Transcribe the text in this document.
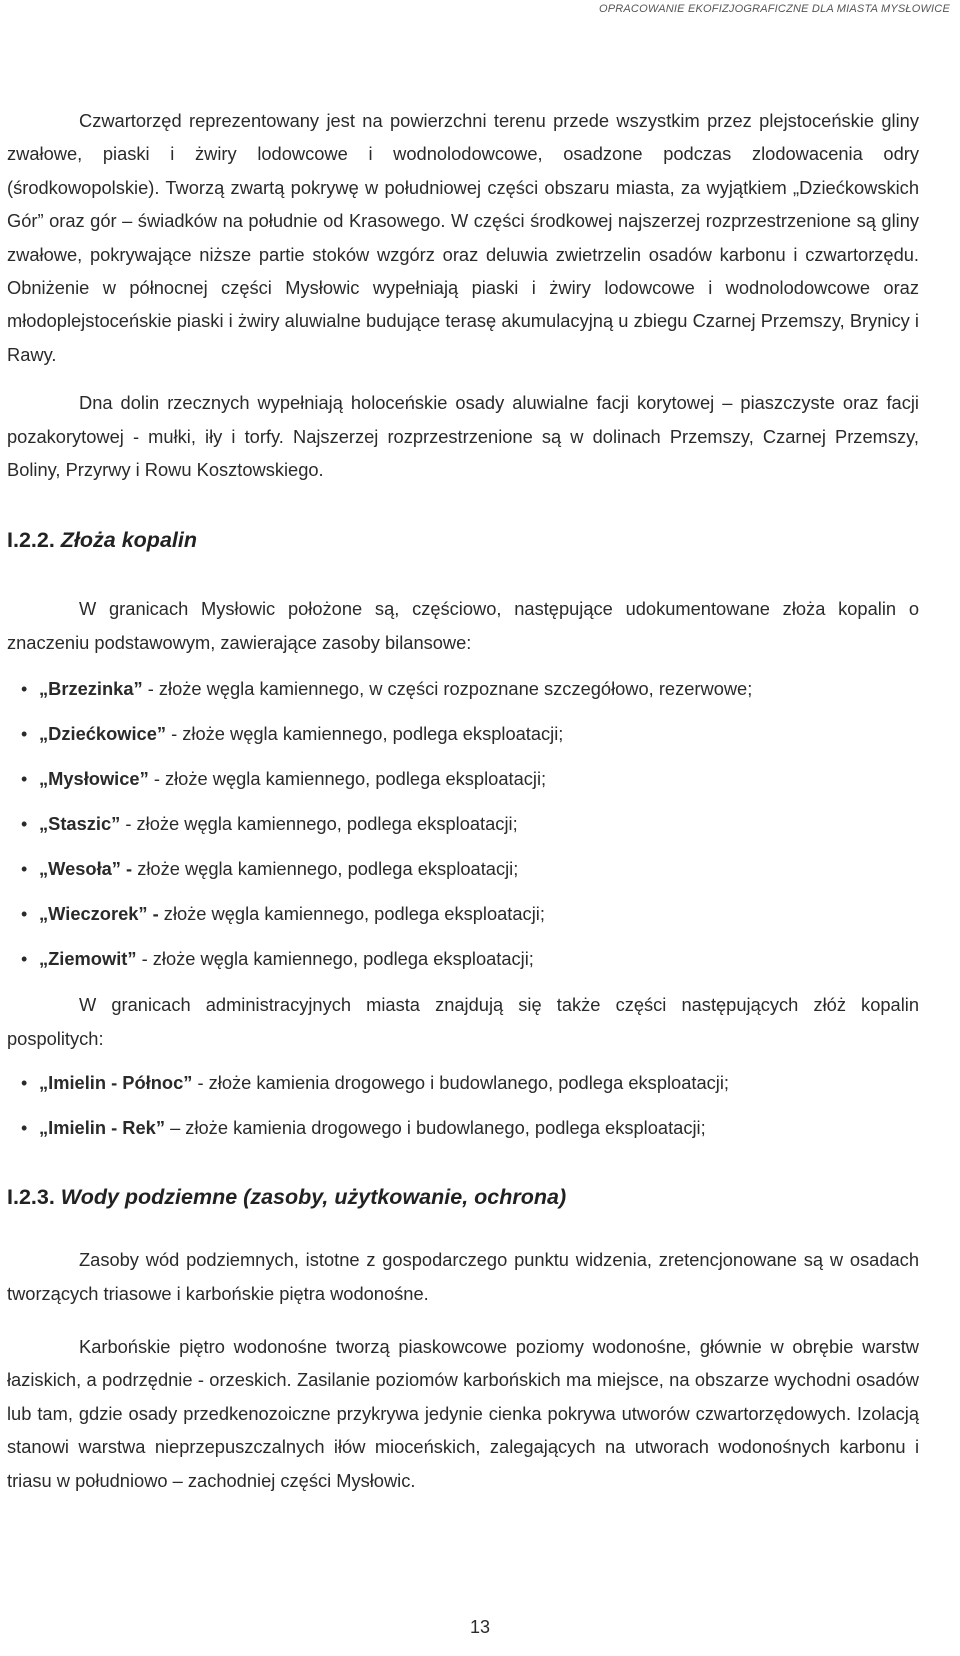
OPRACOWANIE EKOFIZJOGRAFICZNE DLA MIASTA MYSŁOWICE

Czwartorzęd reprezentowany jest na powierzchni terenu przede wszystkim przez plejstoceńskie gliny zwałowe, piaski i żwiry lodowcowe i wodnolodowcowe, osadzone podczas zlodowacenia odry (środkowopolskie). Tworzą zwartą pokrywę w południowej części obszaru miasta, za wyjątkiem „Dziećkowskich Gór” oraz gór – świadków na południe od Krasowego. W części środkowej najszerzej rozprzestrzenione są gliny zwałowe, pokrywające niższe partie stoków wzgórz oraz deluwia zwietrzelin osadów karbonu i czwartorzędu. Obniżenie w północnej części Mysłowic wypełniają piaski i żwiry lodowcowe i wodnolodowcowe oraz młodoplejstoceńskie piaski i żwiry aluwialne budujące terasę akumulacyjną u zbiegu Czarnej Przemszy, Brynicy i Rawy.

Dna dolin rzecznych wypełniają holoceńskie osady aluwialne facji korytowej – piaszczyste oraz facji pozakorytowej - mułki, iły i torfy. Najszerzej rozprzestrzenione są w dolinach Przemszy, Czarnej Przemszy, Boliny, Przyrwy i Rowu Kosztowskiego.

I.2.2. Złoża kopalin

W granicach Mysłowic położone są, częściowo, następujące udokumentowane złoża kopalin o znaczeniu podstawowym, zawierające zasoby bilansowe:

• „Brzezinka” - złoże węgla kamiennego, w części rozpoznane szczegółowo, rezerwowe;
• „Dziećkowice” - złoże węgla kamiennego, podlega eksploatacji;
• „Mysłowice” - złoże węgla kamiennego, podlega eksploatacji;
• „Staszic” - złoże węgla kamiennego, podlega eksploatacji;
• „Wesoła” - złoże węgla kamiennego, podlega eksploatacji;
• „Wieczorek” - złoże węgla kamiennego, podlega eksploatacji;
• „Ziemowit” - złoże węgla kamiennego, podlega eksploatacji;

W granicach administracyjnych miasta znajdują się także części następujących złóż kopalin pospolitych:

• „Imielin - Północ” - złoże kamienia drogowego i budowlanego, podlega eksploatacji;
• „Imielin - Rek” – złoże kamienia drogowego i budowlanego, podlega eksploatacji;
I.2.3. Wody podziemne (zasoby, użytkowanie, ochrona)

Zasoby wód podziemnych, istotne z gospodarczego punktu widzenia, zretencjonowane są w osadach tworzących triasowe i karbońskie piętra wodonośne.

Karbońskie piętro wodonośne tworzą piaskowcowe poziomy wodonośne, głównie w obrębie warstw łaziskich, a podrzędnie - orzeskich. Zasilanie poziomów karbońskich ma miejsce, na obszarze wychodni osadów lub tam, gdzie osady przedkenozoiczne przykrywa jedynie cienka pokrywa utworów czwartorzędowych. Izolacją stanowi warstwa nieprzepuszczalnych iłów mioceńskich, zalegających na utworach wodonośnych karbonu i triasu w południowo – zachodniej części Mysłowic.

13
